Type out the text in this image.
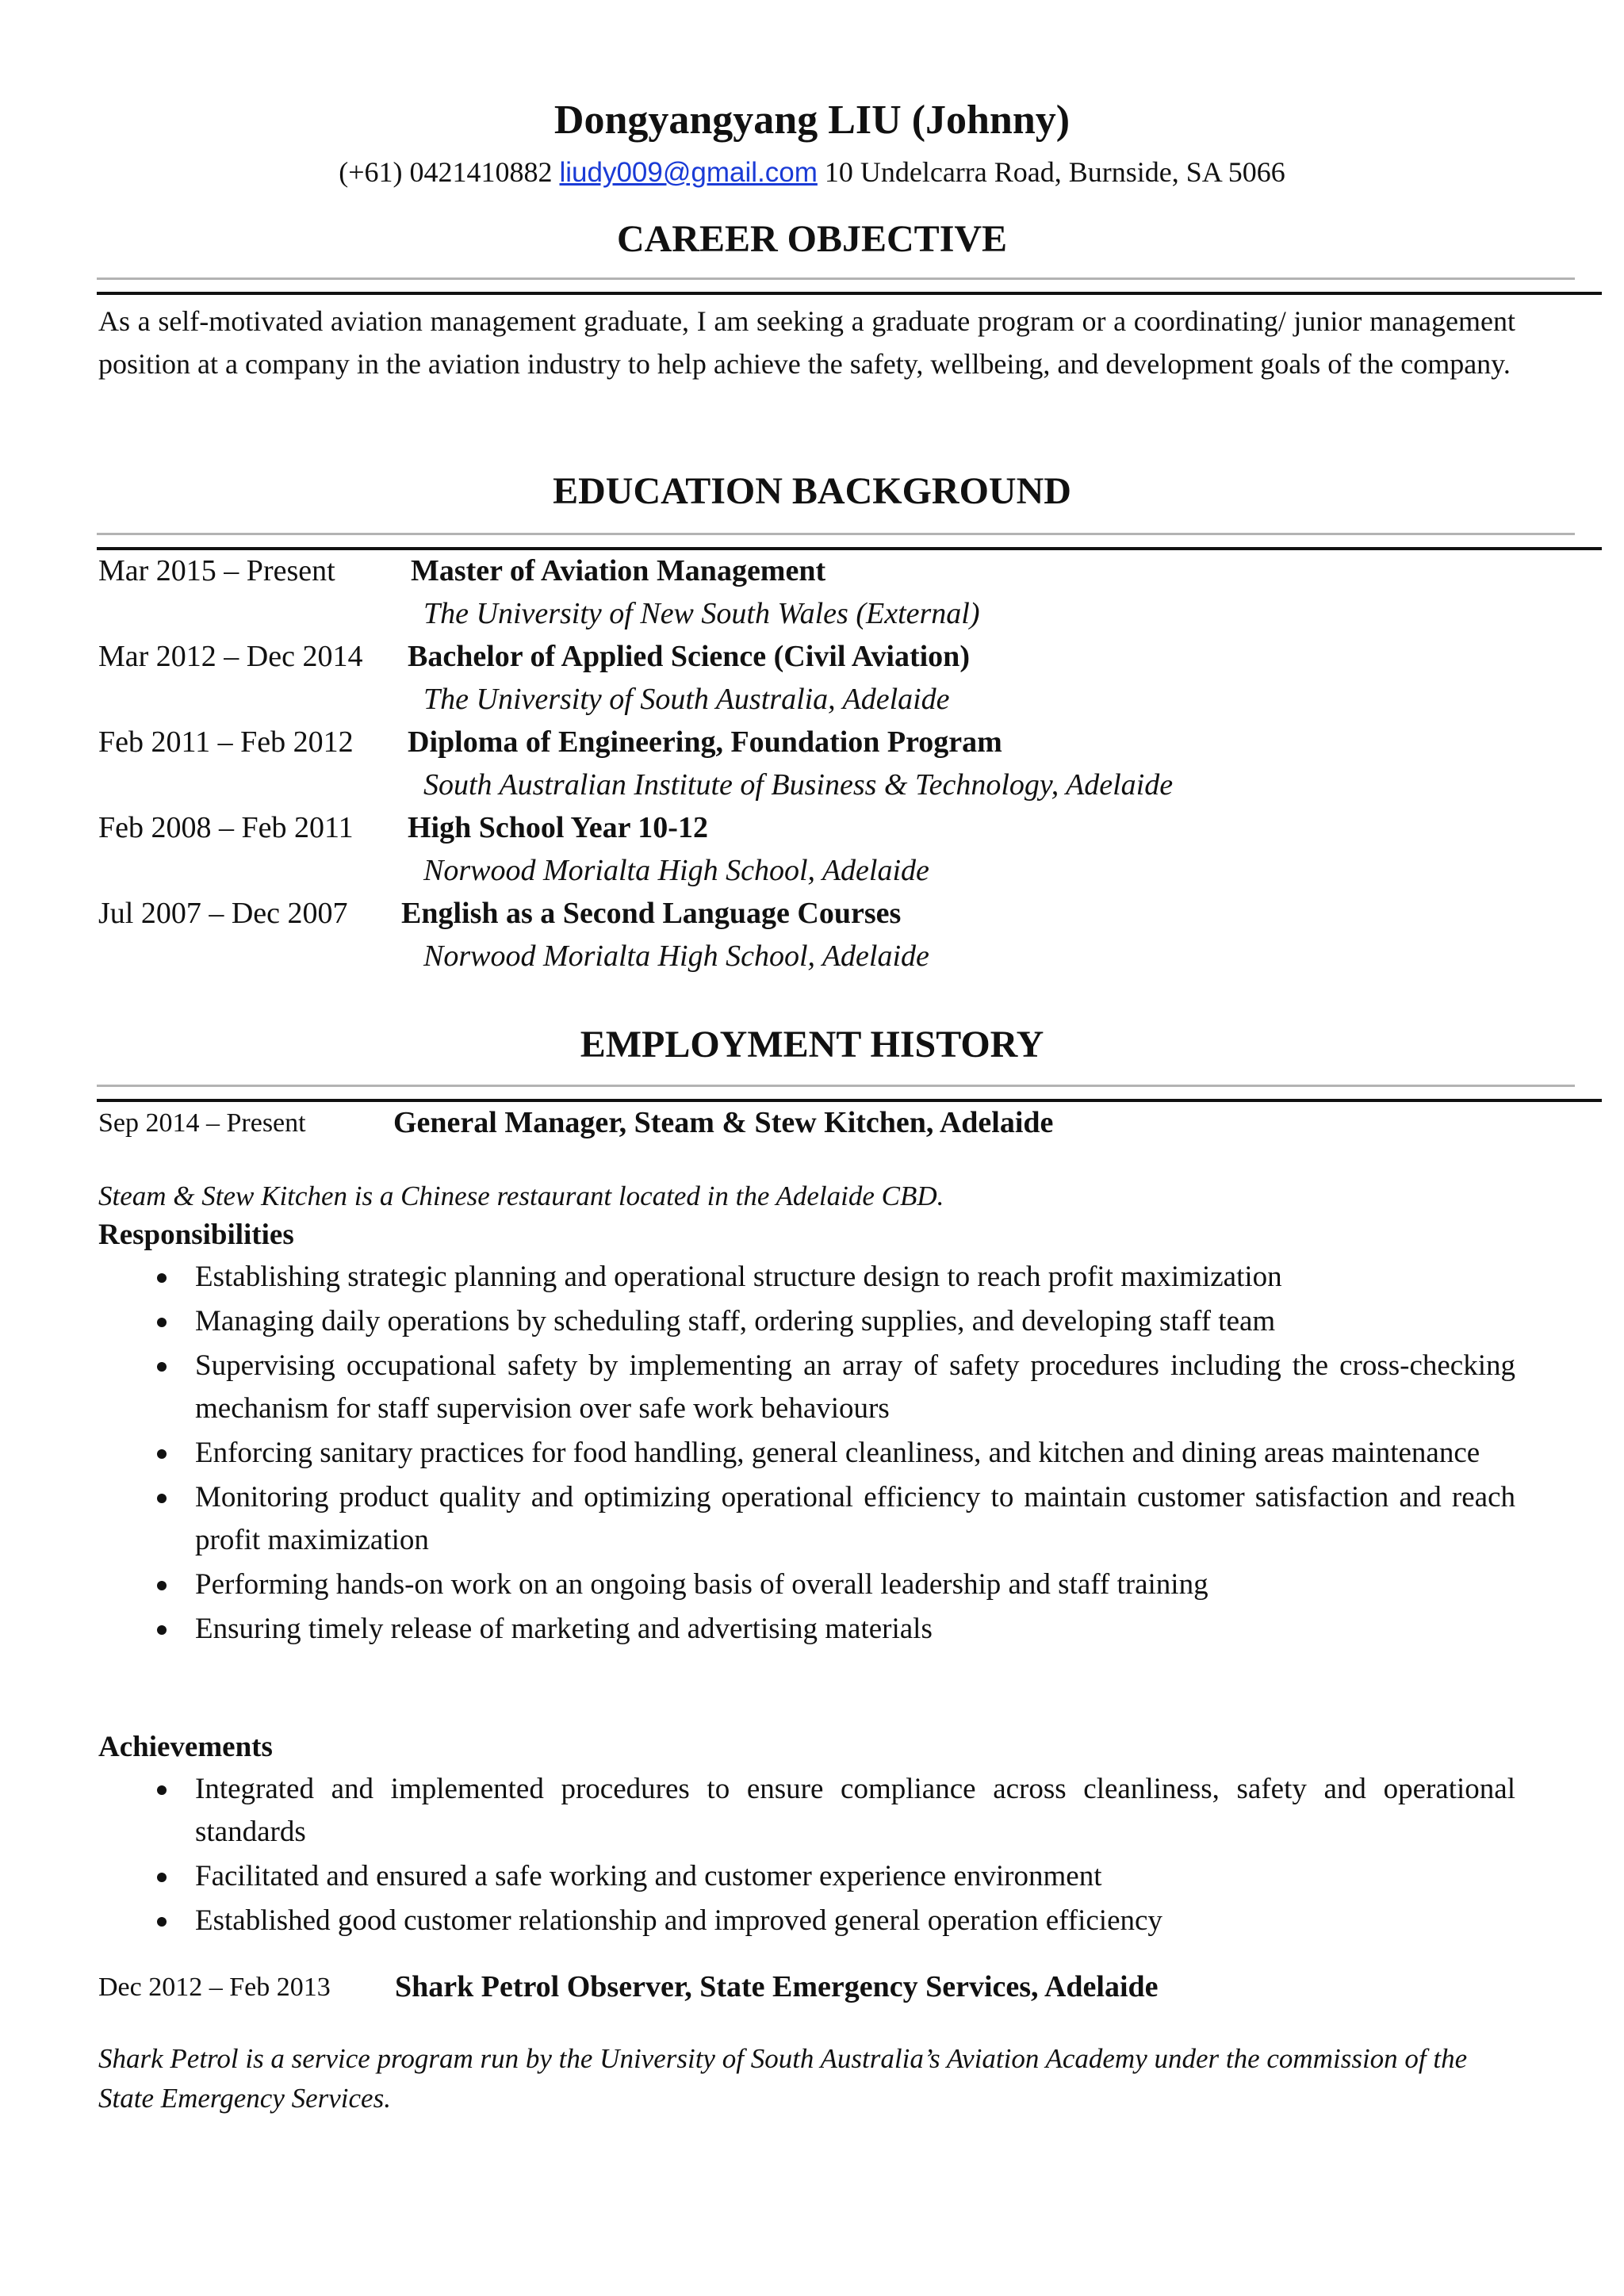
Dongyangyang LIU (Johnny)
(+61) 0421410882 liudy009@gmail.com 10 Undelcarra Road, Burnside, SA 5066
CAREER OBJECTIVE

As a self-motivated aviation management graduate, I am seeking a graduate program or a coordinating/ junior management position at a company in the aviation industry to help achieve the safety, wellbeing, and development goals of the company.

EDUCATION BACKGROUND
Mar 2015 – Present	Master of Aviation Management
The University of New South Wales (External)
Mar 2012 – Dec 2014 Bachelor of Applied Science (Civil Aviation)
The University of South Australia, Adelaide
Feb 2011 – Feb 2012 Diploma of Engineering, Foundation Program
South Australian Institute of Business & Technology, Adelaide
Feb 2008 – Feb 2011 High School Year 10-12
Norwood Morialta High School, Adelaide
Jul 2007 – Dec 2007 English as a Second Language Courses
Norwood Morialta High School, Adelaide
EMPLOYMENT HISTORY
Sep 2014 – Present	General Manager, Steam & Stew Kitchen, Adelaide

Steam & Stew Kitchen is a Chinese restaurant located in the Adelaide CBD.

Responsibilities
Establishing strategic planning and operational structure design to reach profit maximization
Managing daily operations by scheduling staff, ordering supplies, and developing staff team
Supervising occupational safety by implementing an array of safety procedures including the cross-checking mechanism for staff supervision over safe work behaviours
Enforcing sanitary practices for food handling, general cleanliness, and kitchen and dining areas maintenance
Monitoring product quality and optimizing operational efficiency to maintain customer satisfaction and reach profit maximization
Performing hands-on work on an ongoing basis of overall leadership and staff training
Ensuring timely release of marketing and advertising materials
Achievements
Integrated and implemented procedures to ensure compliance across cleanliness, safety and operational standards
Facilitated and ensured a safe working and customer experience environment
Established good customer relationship and improved general operation efficiency
Dec 2012 – Feb 2013 Shark Petrol Observer, State Emergency Services, Adelaide

Shark Petrol is a service program run by the University of South Australia’s Aviation Academy under the commission of the State Emergency Services.
